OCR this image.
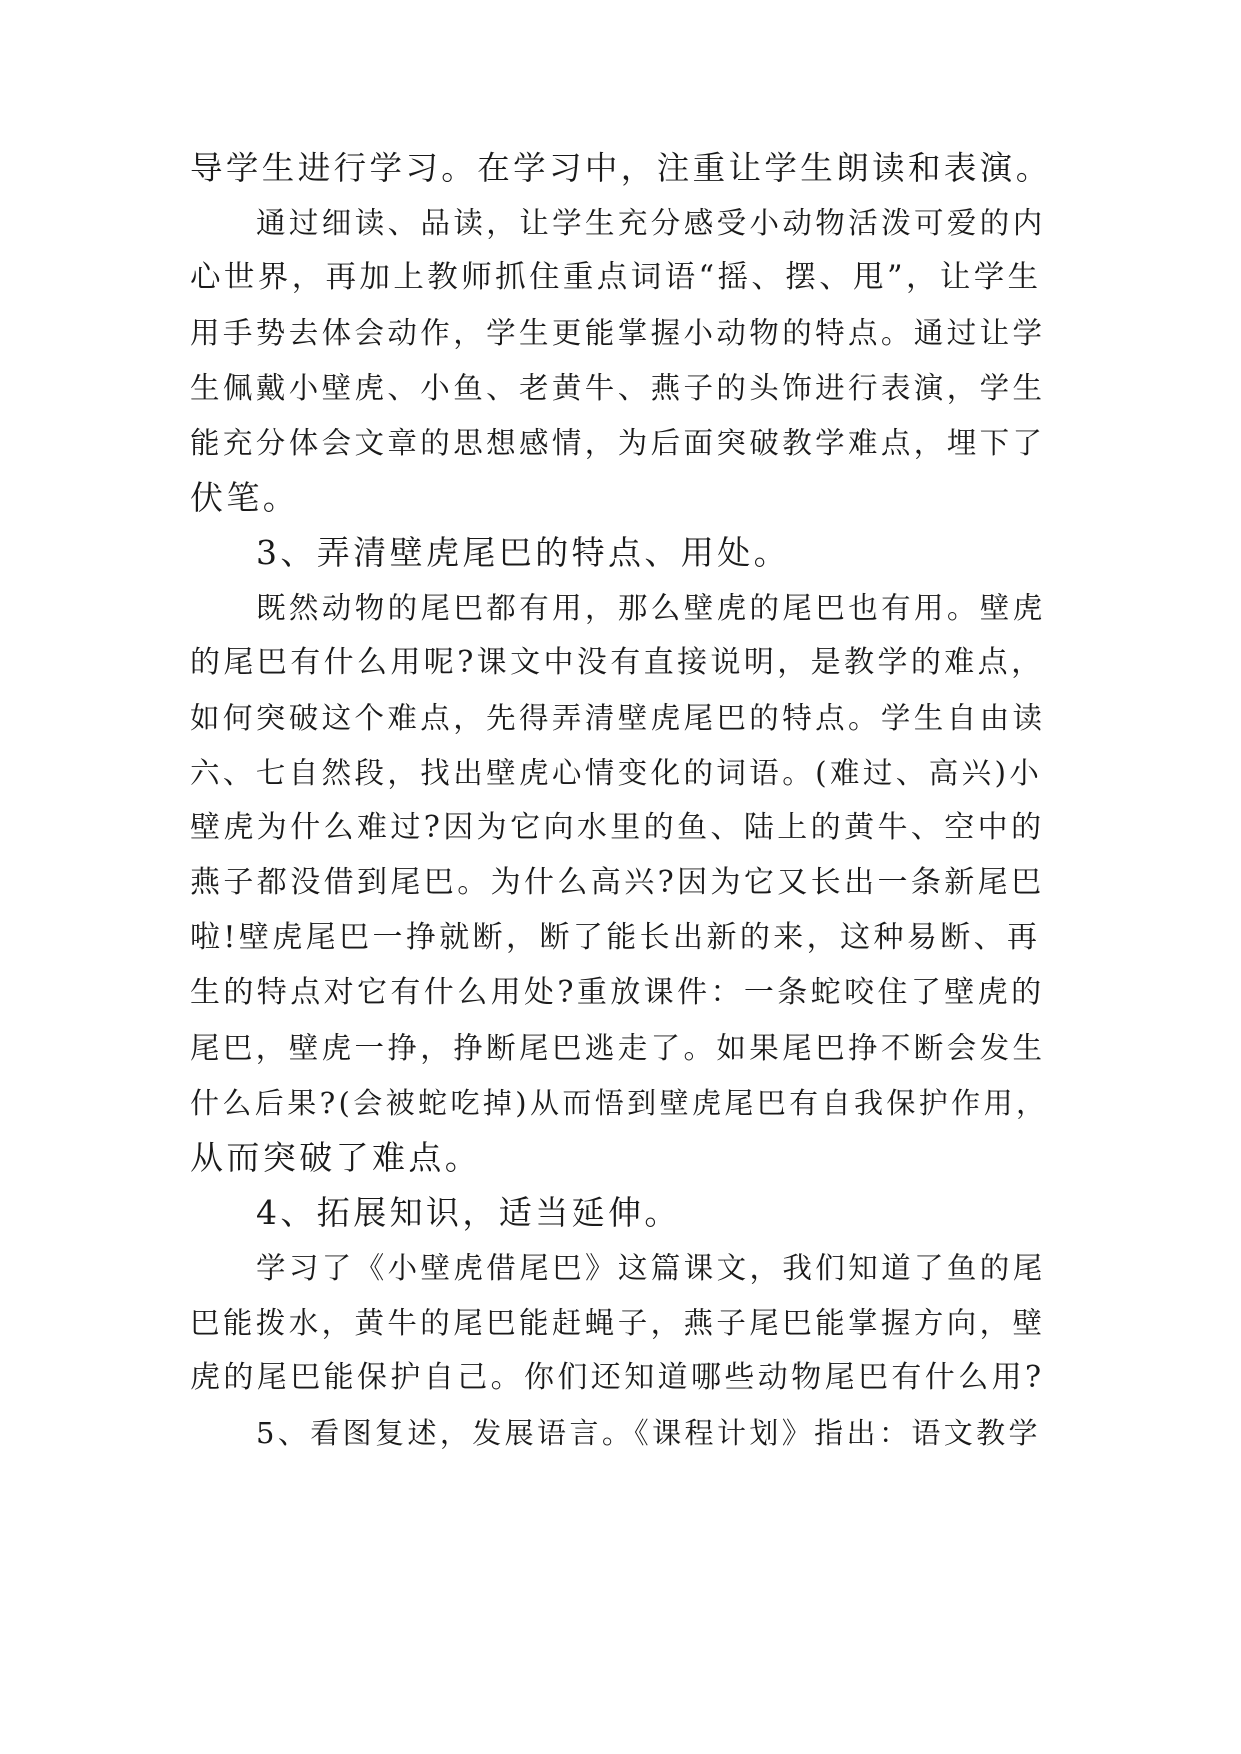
导学生进行学习。在学习中，注重让学生朗读和表演。
通过细读、品读，让学生充分感受小动物活泼可爱的内
心世界，再加上教师抓住重点词语“摇、摆、甩”，让学生
用手势去体会动作，学生更能掌握小动物的特点。通过让学
生佩戴小壁虎、小鱼、老黄牛、燕子的头饰进行表演，学生
能充分体会文章的思想感情，为后面突破教学难点，埋下了
伏笔。
3、弄清壁虎尾巴的特点、用处。
既然动物的尾巴都有用，那么壁虎的尾巴也有用。壁虎
的尾巴有什么用呢?课文中没有直接说明，是教学的难点，
如何突破这个难点，先得弄清壁虎尾巴的特点。学生自由读
六、七自然段，找出壁虎心情变化的词语。(难过、高兴)小
壁虎为什么难过?因为它向水里的鱼、陆上的黄牛、空中的
燕子都没借到尾巴。为什么高兴?因为它又长出一条新尾巴
啦!壁虎尾巴一挣就断，断了能长出新的来，这种易断、再
生的特点对它有什么用处?重放课件：一条蛇咬住了壁虎的
尾巴，壁虎一挣，挣断尾巴逃走了。如果尾巴挣不断会发生
什么后果?(会被蛇吃掉)从而悟到壁虎尾巴有自我保护作用，
从而突破了难点。
4、拓展知识，适当延伸。
学习了《小壁虎借尾巴》这篇课文，我们知道了鱼的尾
巴能拨水，黄牛的尾巴能赶蝇子，燕子尾巴能掌握方向，壁
虎的尾巴能保护自己。你们还知道哪些动物尾巴有什么用?
5、看图复述，发展语言。《课程计划》指出：语文教学
